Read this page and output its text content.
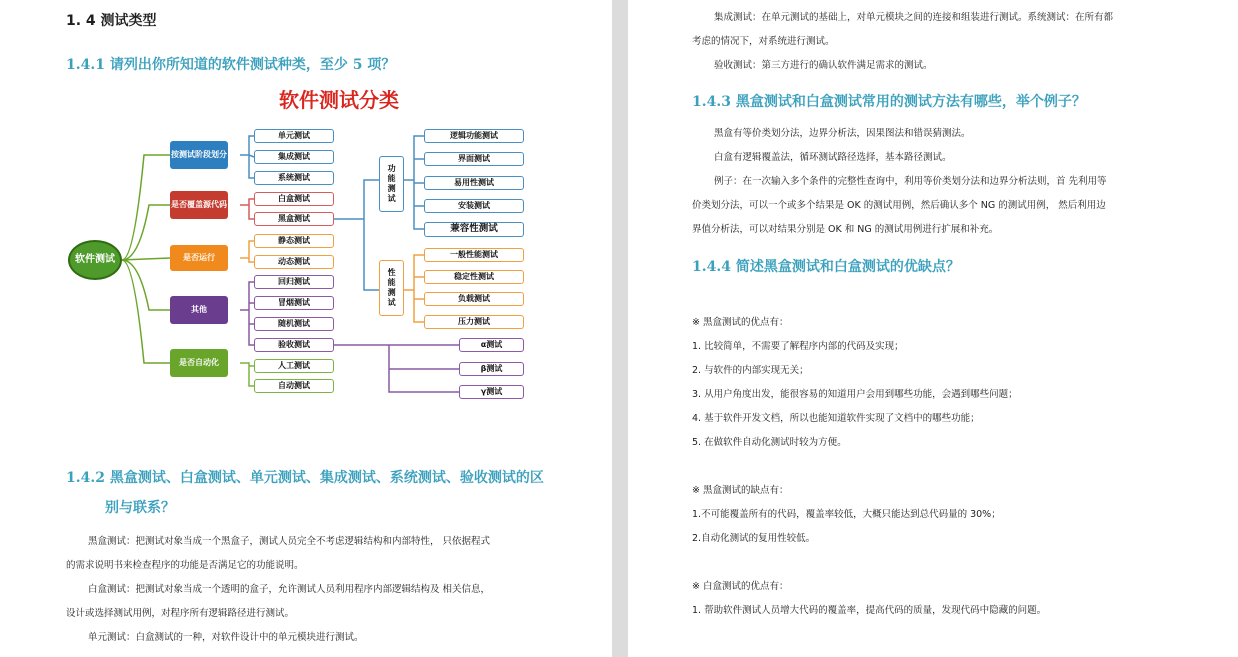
1. 4 测试类型
1.4.1 请列出你所知道的软件测试种类，至少 5 项？
软件测试分类
软件测试
按测试阶段划分
是否覆盖源代码
是否运行
其他
是否自动化
单元测试
集成测试
系统测试
白盒测试
黑盒测试
静态测试
动态测试
回归测试
冒烟测试
随机测试
验收测试
人工测试
自动测试
功能测试
性能测试
逻辑功能测试
界面测试
易用性测试
安装测试
兼容性测试
一般性能测试
稳定性测试
负载测试
压力测试
α测试
β测试
γ测试
1.4.2 黑盒测试、白盒测试、单元测试、集成测试、系统测试、验收测试的区
别与联系？
黑盒测试：把测试对象当成一个黑盒子，测试人员完全不考虑逻辑结构和内部特性， 只依据程式
的需求说明书来检查程序的功能是否满足它的功能说明。
白盒测试：把测试对象当成一个透明的盒子，允许测试人员利用程序内部逻辑结构及 相关信息，
设计或选择测试用例，对程序所有逻辑路径进行测试。
单元测试：白盒测试的一种，对软件设计中的单元模块进行测试。
集成测试：在单元测试的基础上，对单元模块之间的连接和组装进行测试。系统测试：在所有都
考虑的情况下，对系统进行测试。
验收测试：第三方进行的确认软件满足需求的测试。
1.4.3 黑盒测试和白盒测试常用的测试方法有哪些，举个例子？
黑盒有等价类划分法，边界分析法，因果图法和错误猜测法。
白盒有逻辑覆盖法，循环测试路径选择，基本路径测试。
例子：在一次输入多个条件的完整性查询中，利用等价类划分法和边界分析法则，首 先利用等
价类划分法，可以一个或多个结果是 OK 的测试用例，然后确认多个 NG 的测试用例， 然后利用边
界值分析法，可以对结果分别是 OK 和 NG 的测试用例进行扩展和补充。
1.4.4 简述黑盒测试和白盒测试的优缺点？
※ 黑盒测试的优点有：
1. 比较简单，不需要了解程序内部的代码及实现；
2. 与软件的内部实现无关；
3. 从用户角度出发，能很容易的知道用户会用到哪些功能，会遇到哪些问题；
4. 基于软件开发文档，所以也能知道软件实现了文档中的哪些功能；
5. 在做软件自动化测试时较为方便。
※ 黑盒测试的缺点有：
1.不可能覆盖所有的代码，覆盖率较低，大概只能达到总代码量的 30%；
2.自动化测试的复用性较低。
※ 白盒测试的优点有：
1. 帮助软件测试人员增大代码的覆盖率，提高代码的质量，发现代码中隐藏的问题。
